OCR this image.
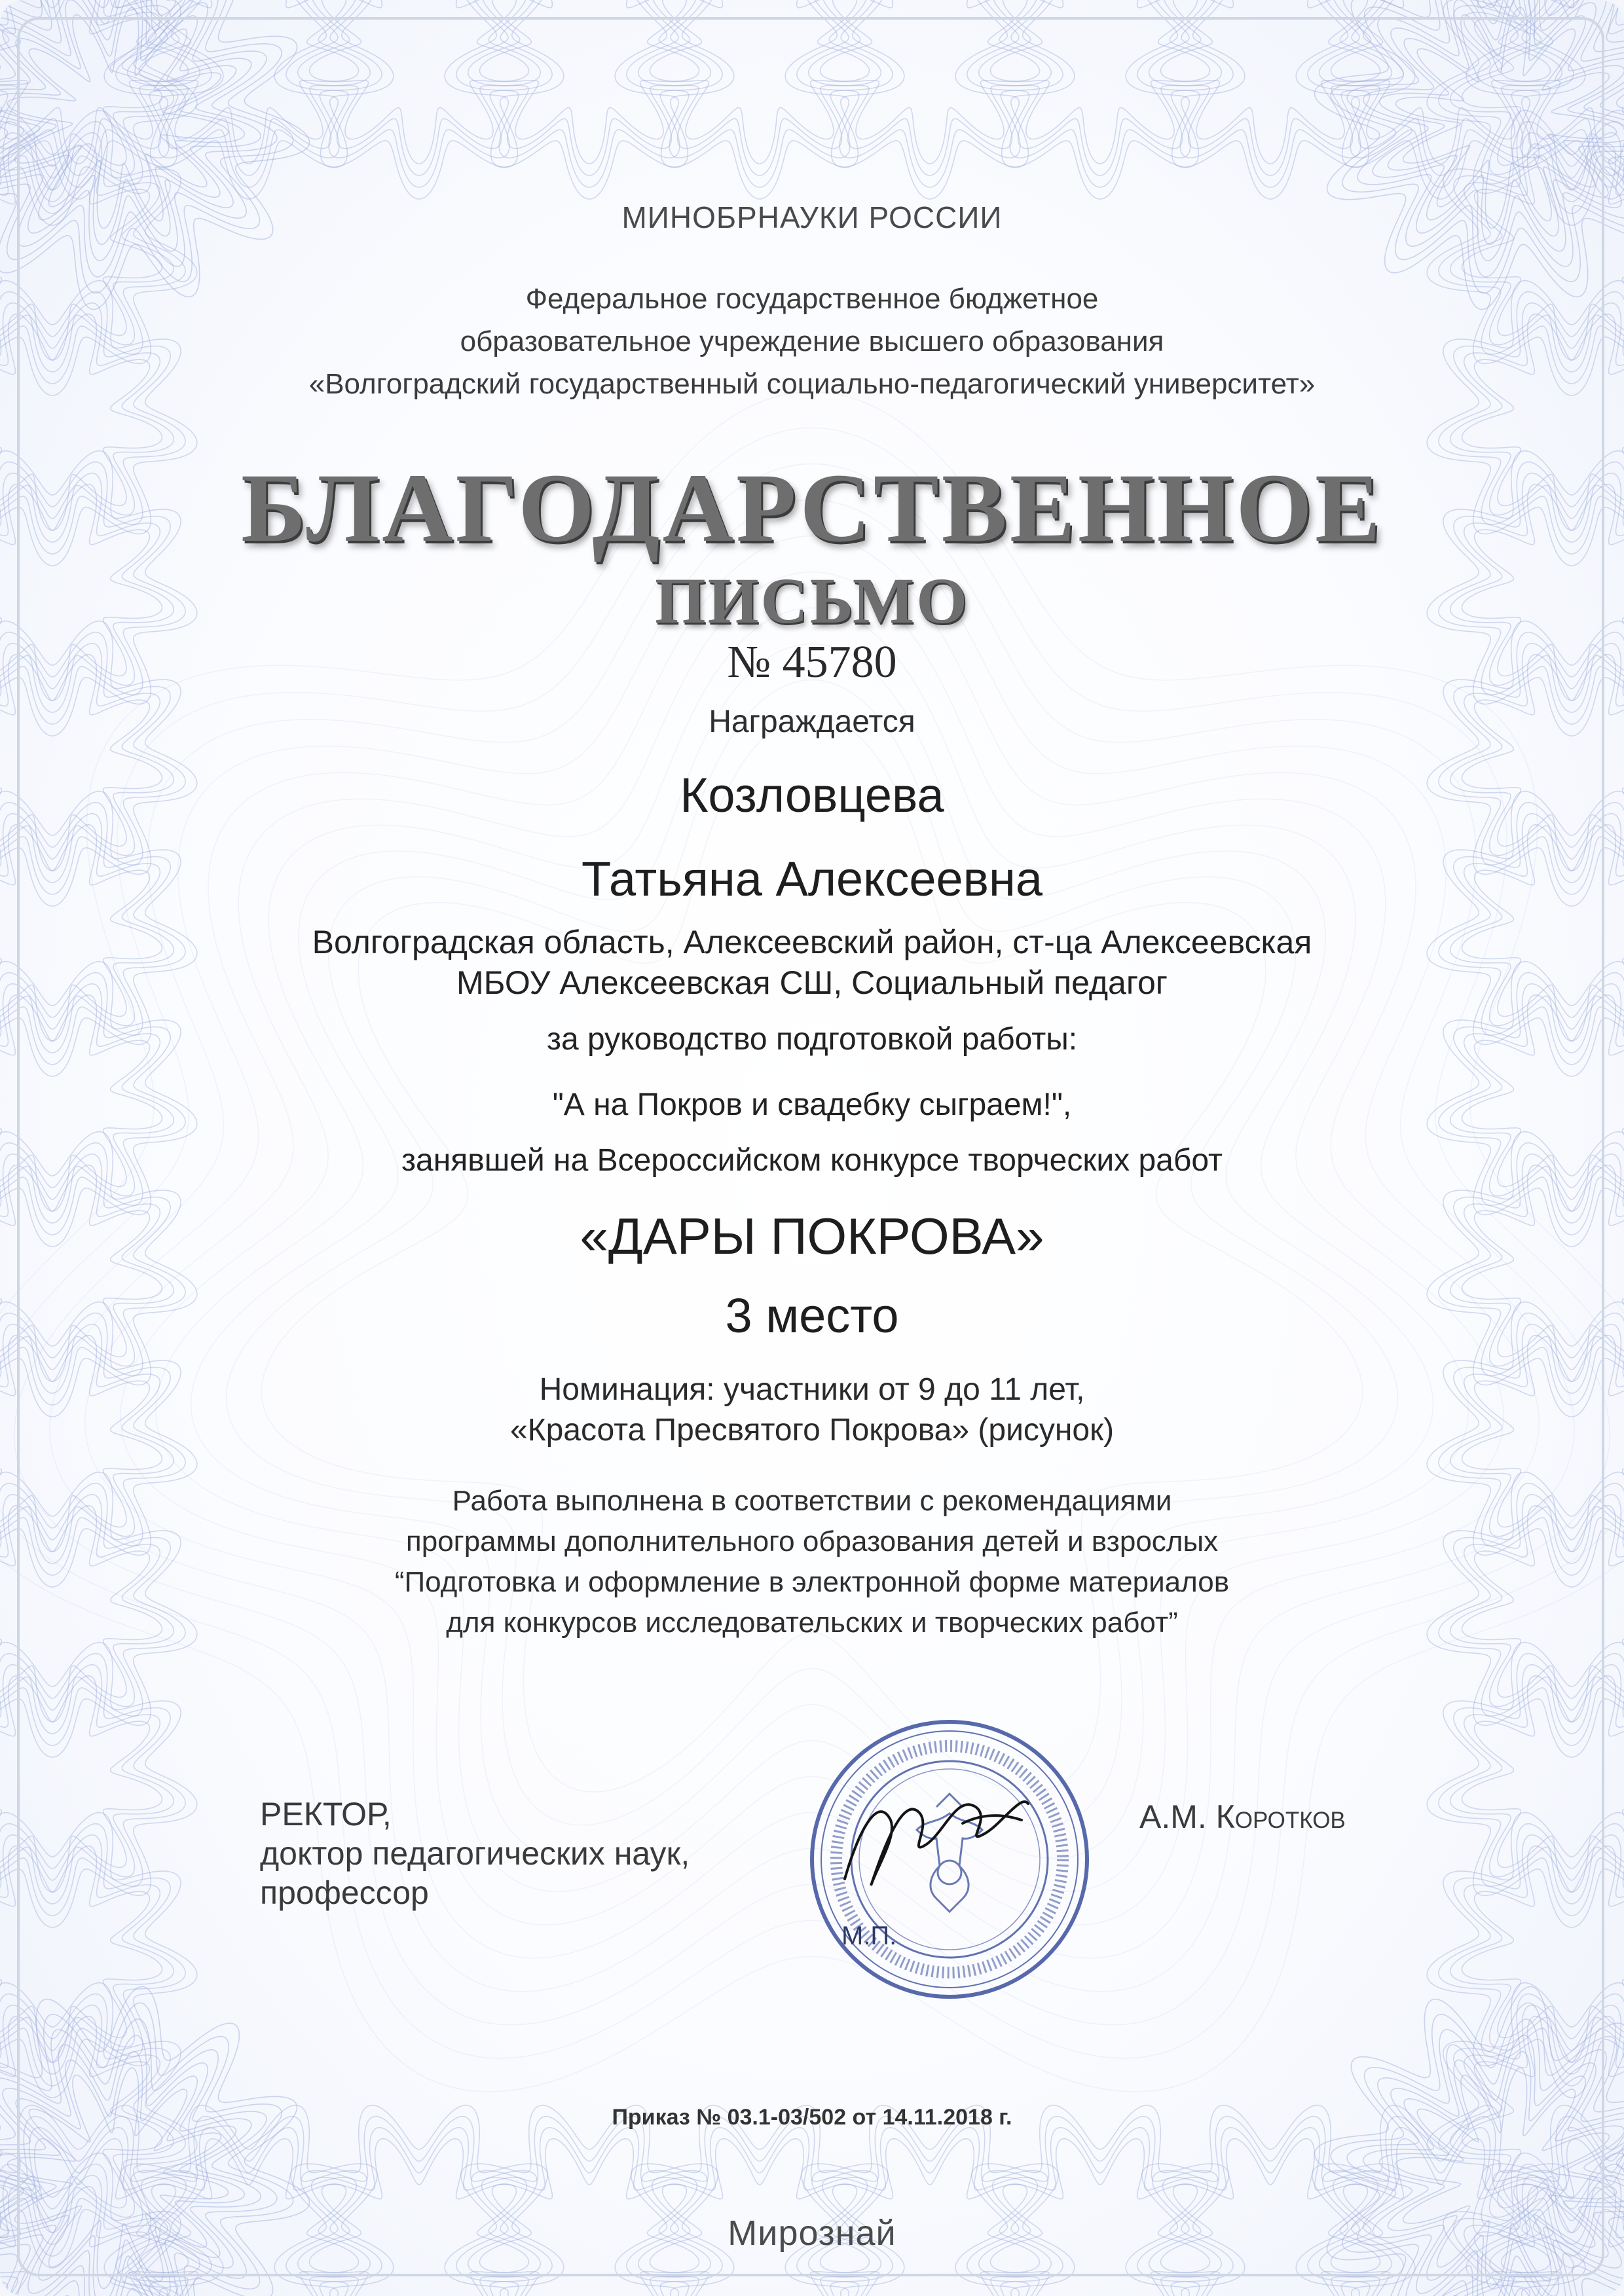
МИНОБРНАУКИ РОССИИ
Федеральное государственное бюджетное
образовательное учреждение высшего образования
«Волгоградский государственный социально-педагогический университет»
БЛАГОДАРСТВЕННОЕ
ПИСЬМО
№ 45780
Награждается
Козловцева
Татьяна Алексеевна
Волгоградская область, Алексеевский район, ст-ца Алексеевская
МБОУ Алексеевская СШ, Социальный педагог
за руководство подготовкой работы:
"А на Покров и свадебку сыграем!",
занявшей на Всероссийском конкурсе творческих работ
«ДАРЫ ПОКРОВА»
3 место
Номинация: участники от 9 до 11 лет,
«Красота Пресвятого Покрова» (рисунок)
Работа выполнена в соответствии с рекомендациями
программы дополнительного образования детей и взрослых
“Подготовка и оформление в электронной форме материалов
для конкурсов исследовательских и творческих работ”
РЕКТОР,
доктор педагогических наук,
профессор
М.П.
А.М. Коротков
Приказ № 03.1-03/502 от 14.11.2018 г.
Мирознай
